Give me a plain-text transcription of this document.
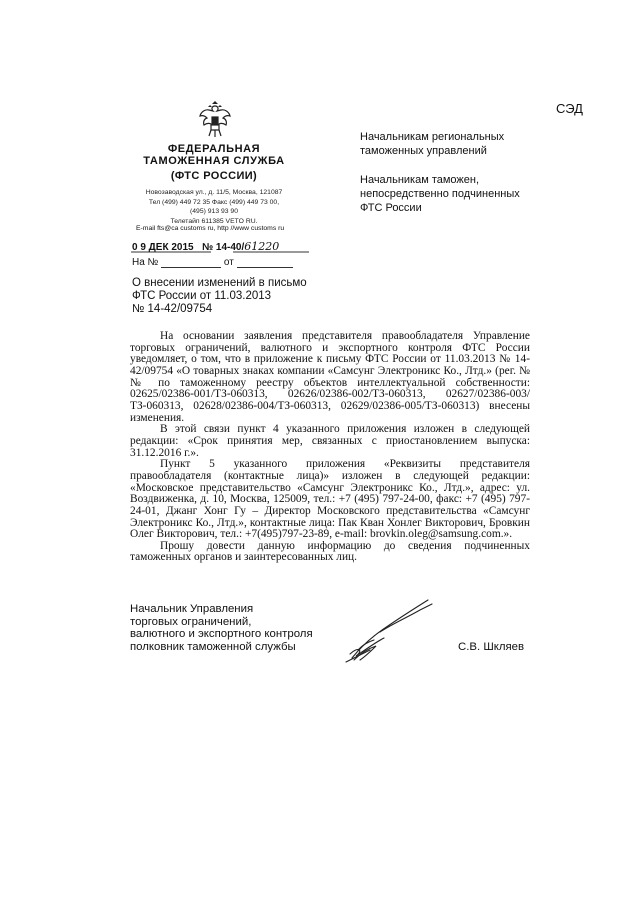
СЭД
ФЕДЕРАЛЬНАЯ
ТАМОЖЕННАЯ СЛУЖБА
(ФТС РОССИИ)
Новозаводская ул., д. 11/5, Москва, 121087
Тел (499) 449 72 35 Факс (499) 449 73 00,
(495) 913 93 90
Телетайп 611385 VETO RU.
E-mail fts@ca customs ru, http //www customs ru
0 9 ДЕК 2015 № 14-40/61220
На №	от
Начальникам региональных
таможенных управлений
Начальникам таможен,
непосредственно подчиненных
ФТС России
О внесении изменений в письмо
ФТС России от 11.03.2013
№ 14-42/09754

На основании заявления представителя правообладателя Управление торговых ограничений, валютного и экспортного контроля ФТС России уведомляет, о том, что в приложение к письму ФТС России от 11.03.2013 № 14-42/09754 «О товарных знаках компании «Самсунг Электроникс Ко., Лтд.» (рег. №№ по таможенному реестру объектов интеллектуальной собственности: 02625/02386-001/ТЗ-060313, 02626/02386-002/ТЗ-060313, 02627/02386-003/ ТЗ-060313, 02628/02386-004/ТЗ-060313, 02629/02386-005/ТЗ-060313) внесены изменения.

В этой связи пункт 4 указанного приложения изложен в следующей редакции: «Срок принятия мер, связанных с приостановлением выпуска: 31.12.2016 г.».

Пункт 5 указанного приложения «Реквизиты представителя правообладателя (контактные лица)» изложен в следующей редакции: «Московское представительство «Самсунг Электроникс Ко., Лтд.», адрес: ул. Воздвиженка, д. 10, Москва, 125009, тел.: +7 (495) 797-24-00, факс: +7 (495) 797-24-01, Джанг Хонг Гу – Директор Московского представительства «Самсунг Электроникс Ко., Лтд.», контактные лица: Пак Кван Хонлег Викторович, Бровкин Олег Викторович, тел.: +7(495)797-23-89, e-mail: brovkin.oleg@samsung.com.».

Прошу довести данную информацию до сведения подчиненных таможенных органов и заинтересованных лиц.

Начальник Управления
торговых ограничений,
валютного и экспортного контроля
полковник таможенной службы	С.В. Шкляев
